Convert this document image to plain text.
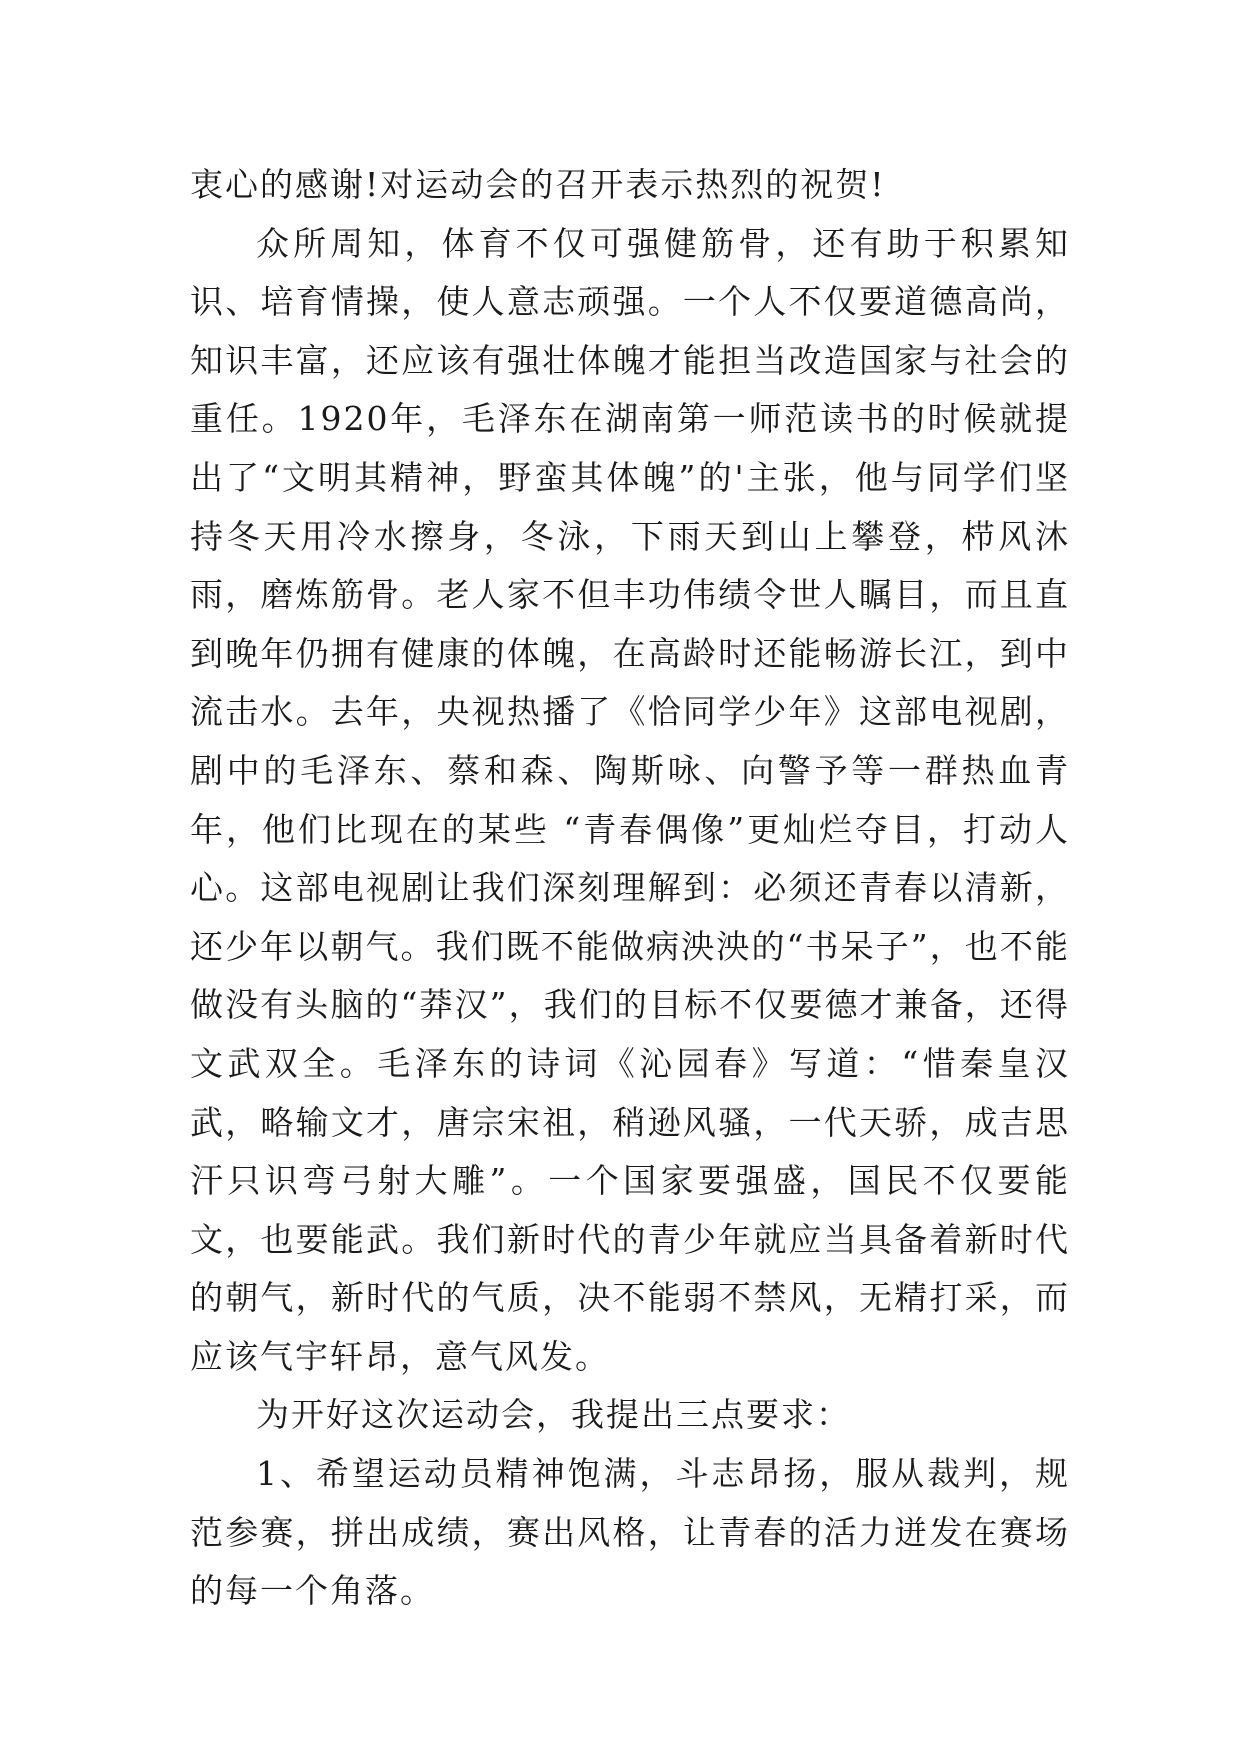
衷心的感谢!对运动会的召开表示热烈的祝贺!

众所周知，体育不仅可强健筋骨，还有助于积累知识、培育情操，使人意志顽强。一个人不仅要道德高尚，知识丰富，还应该有强壮体魄才能担当改造国家与社会的重任。1920年，毛泽东在湖南第一师范读书的时候就提出了“文明其精神，野蛮其体魄”的'主张，他与同学们坚持冬天用冷水擦身，冬泳，下雨天到山上攀登，栉风沐雨，磨炼筋骨。老人家不但丰功伟绩令世人瞩目，而且直到晚年仍拥有健康的体魄，在高龄时还能畅游长江，到中流击水。去年，央视热播了《恰同学少年》这部电视剧，剧中的毛泽东、蔡和森、陶斯咏、向警予等一群热血青年，他们比现在的某些 “青春偶像”更灿烂夺目，打动人心。这部电视剧让我们深刻理解到：必须还青春以清新，还少年以朝气。我们既不能做病泱泱的“书呆子”，也不能做没有头脑的“莽汉”，我们的目标不仅要德才兼备，还得文武双全。毛泽东的诗词《沁园春》写道：“惜秦皇汉武，略输文才，唐宗宋祖，稍逊风骚，一代天骄，成吉思汗只识弯弓射大雕”。一个国家要强盛，国民不仅要能文，也要能武。我们新时代的青少年就应当具备着新时代的朝气，新时代的气质，决不能弱不禁风，无精打采，而应该气宇轩昂，意气风发。

为开好这次运动会，我提出三点要求：

1、希望运动员精神饱满，斗志昂扬，服从裁判，规范参赛，拼出成绩，赛出风格，让青春的活力迸发在赛场的每一个角落。
